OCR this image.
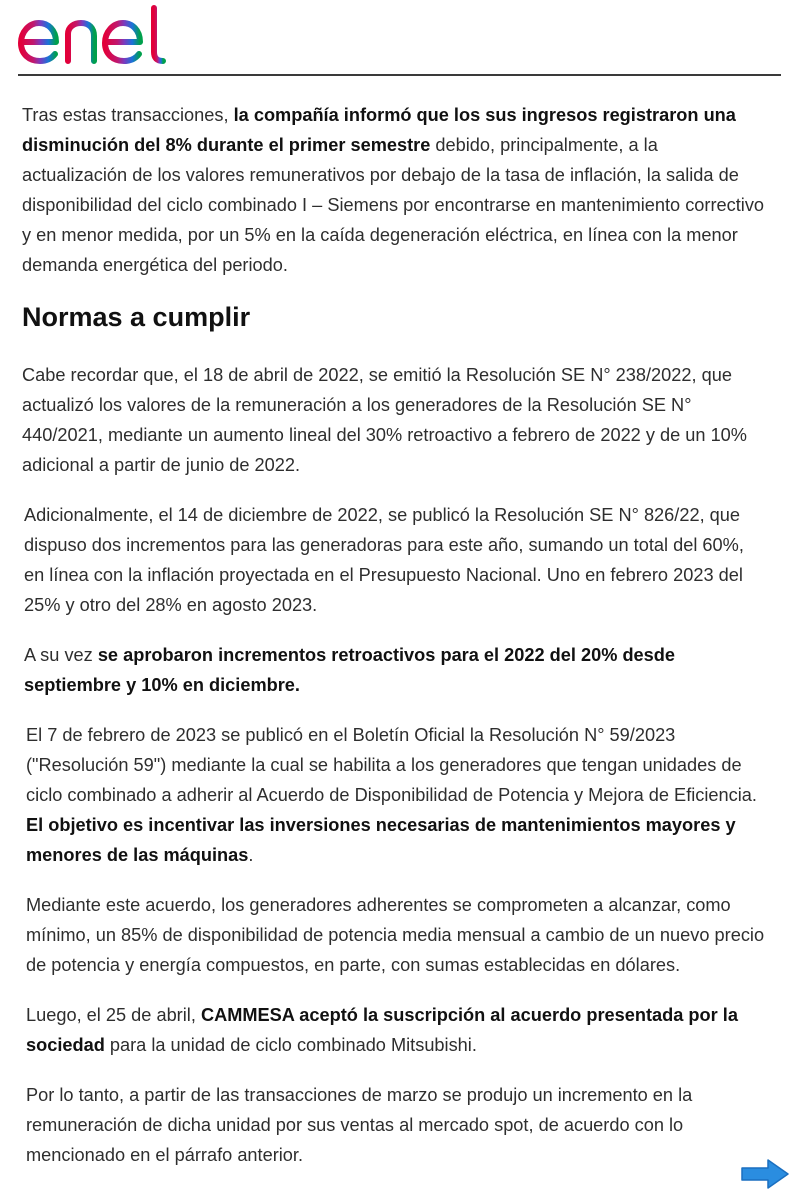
Tras estas transacciones, la compañía informó que los sus ingresos registraron una disminución del 8% durante el primer semestre debido, principalmente, a la actualización de los valores remunerativos por debajo de la tasa de inflación, la salida de disponibilidad del ciclo combinado I – Siemens por encontrarse en mantenimiento correctivo y en menor medida, por un 5% en la caída degeneración eléctrica, en línea con la menor demanda energética del periodo.

Normas a cumplir

Cabe recordar que, el 18 de abril de 2022, se emitió la Resolución SE N° 238/2022, que actualizó los valores de la remuneración a los generadores de la Resolución SE N° 440/2021, mediante un aumento lineal del 30% retroactivo a febrero de 2022 y de un 10% adicional a partir de junio de 2022.

Adicionalmente, el 14 de diciembre de 2022, se publicó la Resolución SE N° 826/22, que dispuso dos incrementos para las generadoras para este año, sumando un total del 60%, en línea con la inflación proyectada en el Presupuesto Nacional. Uno en febrero 2023 del 25% y otro del 28% en agosto 2023.

A su vez se aprobaron incrementos retroactivos para el 2022 del 20% desde septiembre y 10% en diciembre.

El 7 de febrero de 2023 se publicó en el Boletín Oficial la Resolución N° 59/2023 ("Resolución 59") mediante la cual se habilita a los generadores que tengan unidades de ciclo combinado a adherir al Acuerdo de Disponibilidad de Potencia y Mejora de Eficiencia. El objetivo es incentivar las inversiones necesarias de mantenimientos mayores y menores de las máquinas.

Mediante este acuerdo, los generadores adherentes se comprometen a alcanzar, como mínimo, un 85% de disponibilidad de potencia media mensual a cambio de un nuevo precio de potencia y energía compuestos, en parte, con sumas establecidas en dólares.

Luego, el 25 de abril, CAMMESA aceptó la suscripción al acuerdo presentada por la sociedad para la unidad de ciclo combinado Mitsubishi.

Por lo tanto, a partir de las transacciones de marzo se produjo un incremento en la remuneración de dicha unidad por sus ventas al mercado spot, de acuerdo con lo mencionado en el párrafo anterior.
